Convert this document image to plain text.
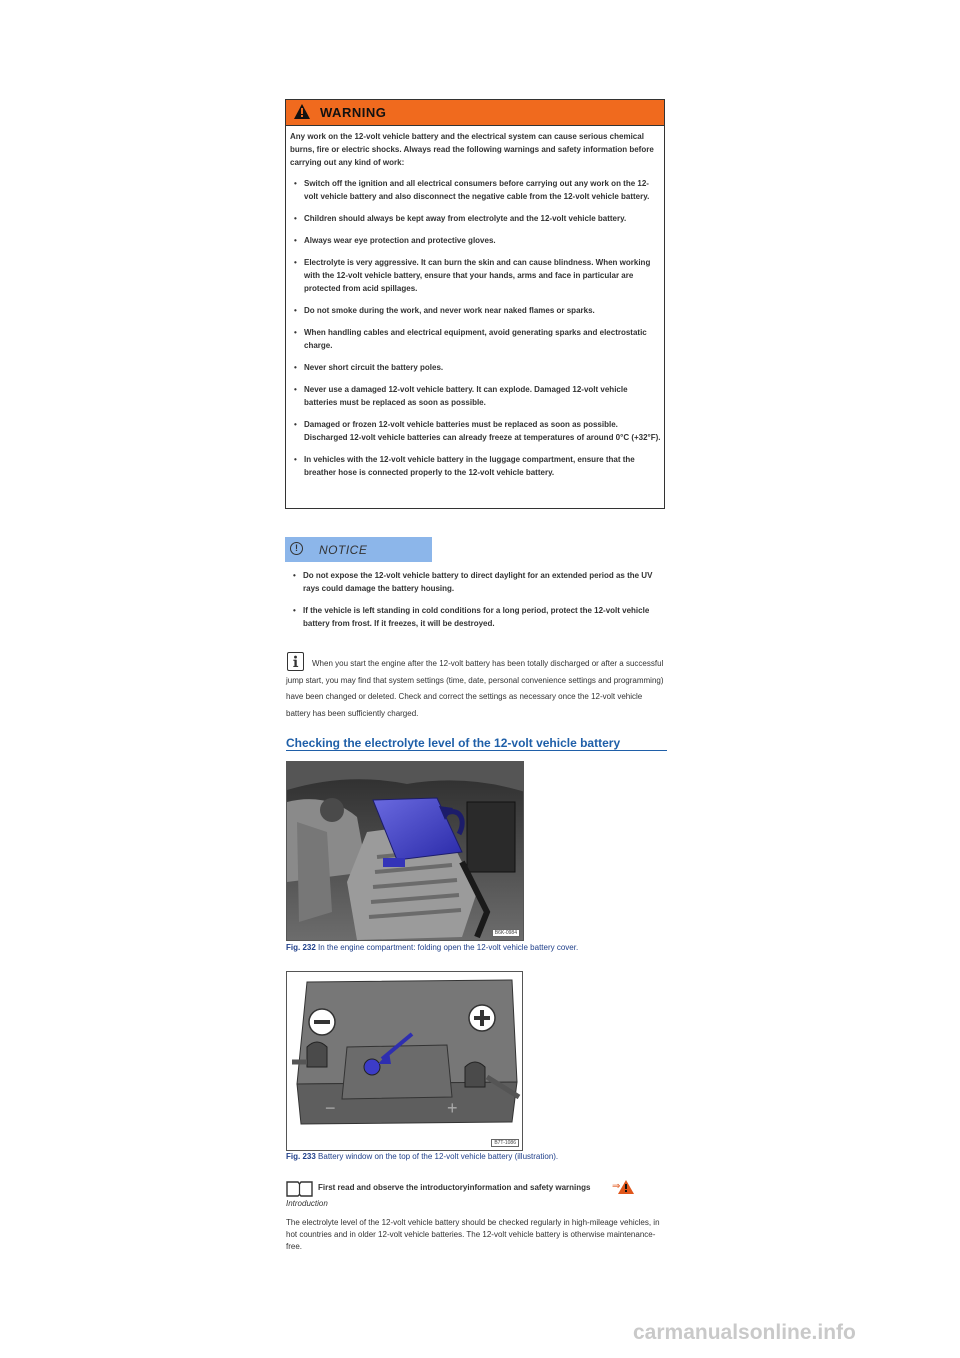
WARNING
Any work on the 12-volt vehicle battery and the electrical system can cause serious chemical burns, fire or electric shocks. Always read the following warnings and safety information before carrying out any kind of work:
• Switch off the ignition and all electrical consumers before carrying out any work on the 12-volt vehicle battery and also disconnect the negative cable from the 12-volt vehicle battery.
• Children should always be kept away from electrolyte and the 12-volt vehicle battery.
• Always wear eye protection and protective gloves.
• Electrolyte is very aggressive. It can burn the skin and can cause blindness. When working with the 12-volt vehicle battery, ensure that your hands, arms and face in particular are protected from acid spillages.
• Do not smoke during the work, and never work near naked flames or sparks.
• When handling cables and electrical equipment, avoid generating sparks and electrostatic charge.
• Never short circuit the battery poles.
• Never use a damaged 12-volt vehicle battery. It can explode. Damaged 12-volt vehicle batteries must be replaced as soon as possible.
• Damaged or frozen 12-volt vehicle batteries must be replaced as soon as possible. Discharged 12-volt vehicle batteries can already freeze at temperatures of around 0°C (+32°F).
• In vehicles with the 12-volt vehicle battery in the luggage compartment, ensure that the breather hose is connected properly to the 12-volt vehicle battery.
!	NOTICE
• Do not expose the 12-volt vehicle battery to direct daylight for an extended period as the UV rays could damage the battery housing.
• If the vehicle is left standing in cold conditions for a long period, protect the 12-volt vehicle battery from frost. If it freezes, it will be destroyed.
When you start the engine after the 12-volt battery has been totally discharged or after a successful jump start, you may find that system settings (time, date, personal convenience settings and programming) have been changed or deleted. Check and correct the settings as necessary once the 12-volt vehicle battery has been sufficiently charged.
Checking the electrolyte level of the 12-volt vehicle battery
B6K-0984
Fig. 232 In the engine compartment: folding open the 12-volt vehicle battery cover.
−	+
B7T-1086
Fig. 233 Battery window on the top of the 12-volt vehicle battery (illustration).
First read and observe the introductoryinformation and safety warnings ⇒
Introduction
The electrolyte level of the 12-volt vehicle battery should be checked regularly in high-mileage vehicles, in hot countries and in older 12-volt vehicle batteries. The 12-volt vehicle battery is otherwise maintenance-free.
carmanualsonline.info
